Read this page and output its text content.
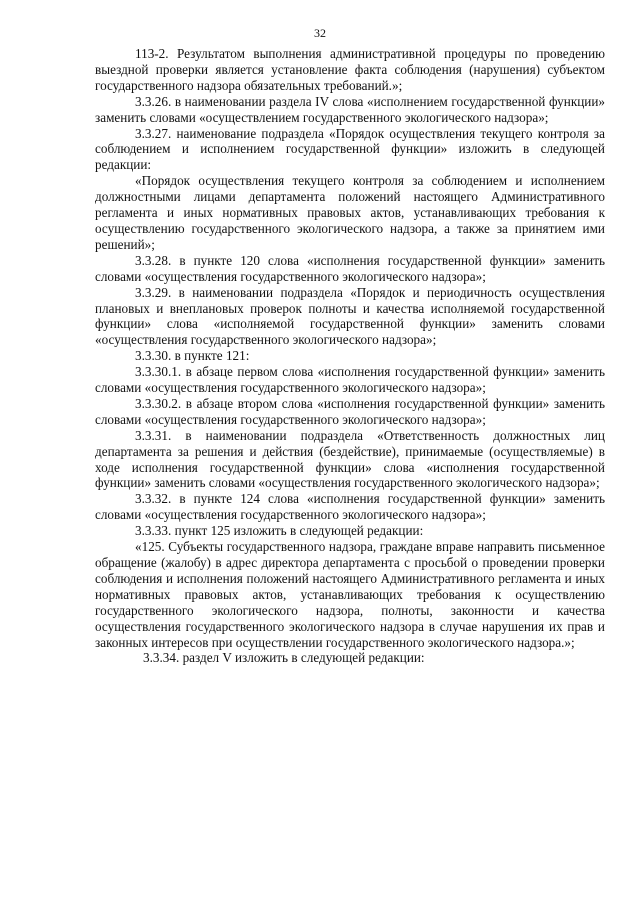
32

113-2. Результатом выполнения административной процедуры по проведению выездной проверки является установление факта соблюдения (нарушения) субъектом государственного надзора обязательных требований.»;

3.3.26. в наименовании раздела IV слова «исполнением государственной функции» заменить словами «осуществлением государственного экологического надзора»;

3.3.27. наименование подраздела «Порядок осуществления текущего контроля за соблюдением и исполнением государственной функции» изложить в следующей редакции:

«Порядок осуществления текущего контроля за соблюдением и исполнением должностными лицами департамента положений настоящего Административного регламента и иных нормативных правовых актов, устанавливающих требования к осуществлению государственного экологического надзора, а также за принятием ими решений»;

3.3.28. в пункте 120 слова «исполнения государственной функции» заменить словами «осуществления государственного экологического надзора»;

3.3.29. в наименовании подраздела «Порядок и периодичность осуществления плановых и внеплановых проверок полноты и качества исполняемой государственной функции» слова «исполняемой государственной функции» заменить словами «осуществления государственного экологического надзора»;

3.3.30. в пункте 121:

3.3.30.1. в абзаце первом слова «исполнения государственной функции» заменить словами «осуществления государственного экологического надзора»;

3.3.30.2. в абзаце втором слова «исполнения государственной функции» заменить словами «осуществления государственного экологического надзора»;

3.3.31. в наименовании подраздела «Ответственность должностных лиц департамента за решения и действия (бездействие), принимаемые (осуществляемые) в ходе исполнения государственной функции» слова «исполнения государственной функции» заменить словами «осуществления государственного экологического надзора»;

3.3.32. в пункте 124 слова «исполнения государственной функции» заменить словами «осуществления государственного экологического надзора»;

3.3.33. пункт 125 изложить в следующей редакции:

«125. Субъекты государственного надзора, граждане вправе направить письменное обращение (жалобу) в адрес директора департамента с просьбой о проведении проверки соблюдения и исполнения положений настоящего Административного регламента и иных нормативных правовых актов, устанавливающих требования к осуществлению государственного экологического надзора, полноты, законности и качества осуществления государственного экологического надзора в случае нарушения их прав и законных интересов при осуществлении государственного экологического надзора.»;

3.3.34. раздел V изложить в следующей редакции:
